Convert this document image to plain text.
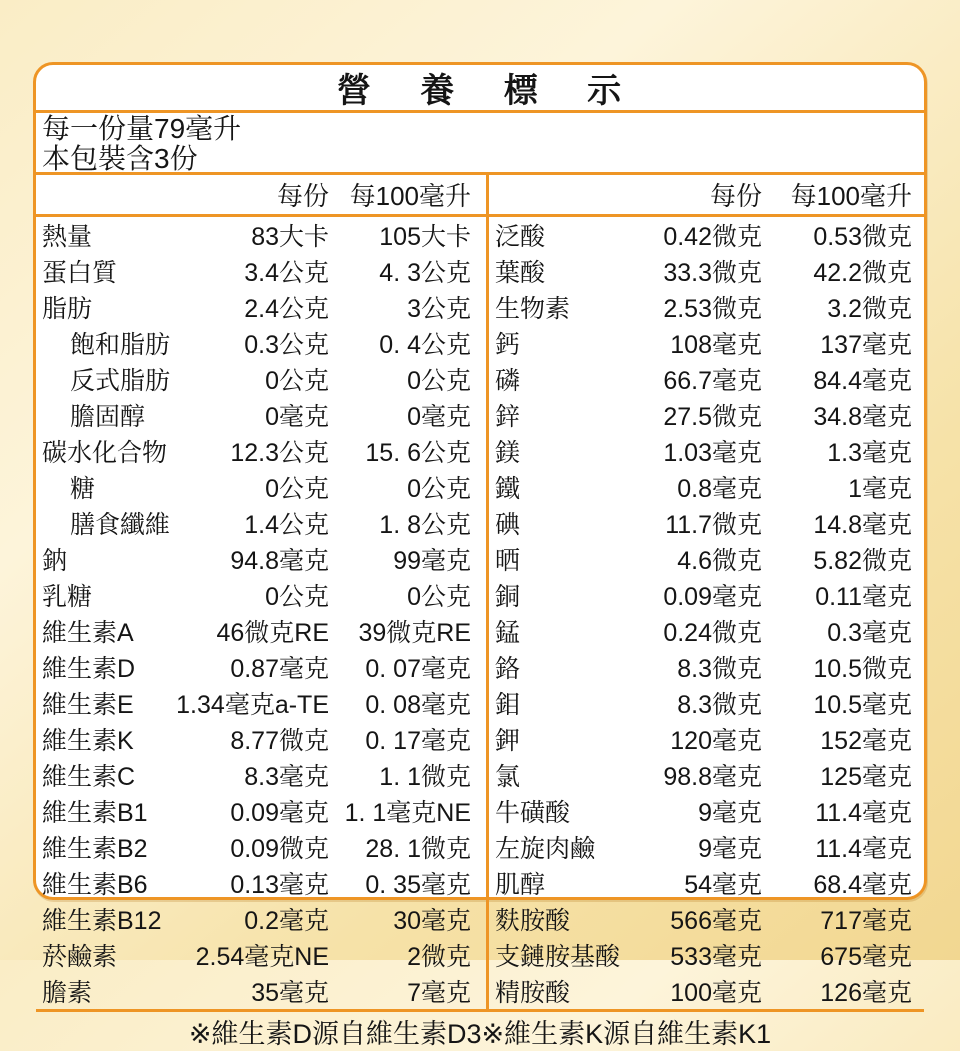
營 養 標 示
每一份量79毫升
本包裝含3份
每份 每100毫升	每份	每100毫升
熱量	83大卡	105大卡
蛋白質	3.4公克	4. 3公克
脂肪	2.4公克	3公克
飽和脂肪	0.3公克	0. 4公克
反式脂肪	0公克	0公克
膽固醇	0毫克	0毫克
碳水化合物	12.3公克	15. 6公克
糖	0公克	0公克
膳食纖維	1.4公克	1. 8公克
鈉	94.8毫克	99毫克
乳糖	0公克	0公克
維生素A	46微克RE	39微克RE
維生素D	0.87毫克	0. 07毫克
維生素E 1.34毫克a-TE	0. 08毫克
維生素K	8.77微克	0. 17毫克
維生素C	8.3毫克	1. 1微克
維生素B1	0.09毫克 1. 1毫克NE
維生素B2	0.09微克	28. 1微克
維生素B6	0.13毫克	0. 35毫克
維生素B12	0.2毫克	30毫克
菸鹼素	2.54毫克NE	2微克
膽素	35毫克	7毫克
泛酸	0.42微克	0.53微克
葉酸	33.3微克	42.2微克
生物素	2.53微克	3.2微克
鈣	108毫克	137毫克
磷	66.7毫克	84.4毫克
鋅	27.5微克	34.8毫克
鎂	1.03毫克	1.3毫克
鐵	0.8毫克	1毫克
碘	11.7微克	14.8毫克
晒	4.6微克	5.82微克
銅	0.09毫克	0.11毫克
錳	0.24微克	0.3毫克
鉻	8.3微克	10.5微克
鉬	8.3微克	10.5毫克
鉀	120毫克	152毫克
氯	98.8毫克	125毫克
牛磺酸	9毫克	11.4毫克
左旋肉鹼	9毫克	11.4毫克
肌醇	54毫克	68.4毫克
麩胺酸	566毫克	717毫克
支鏈胺基酸 533毫克	675毫克
精胺酸	100毫克	126毫克
※維生素D源自維生素D3※維生素K源自維生素K1
